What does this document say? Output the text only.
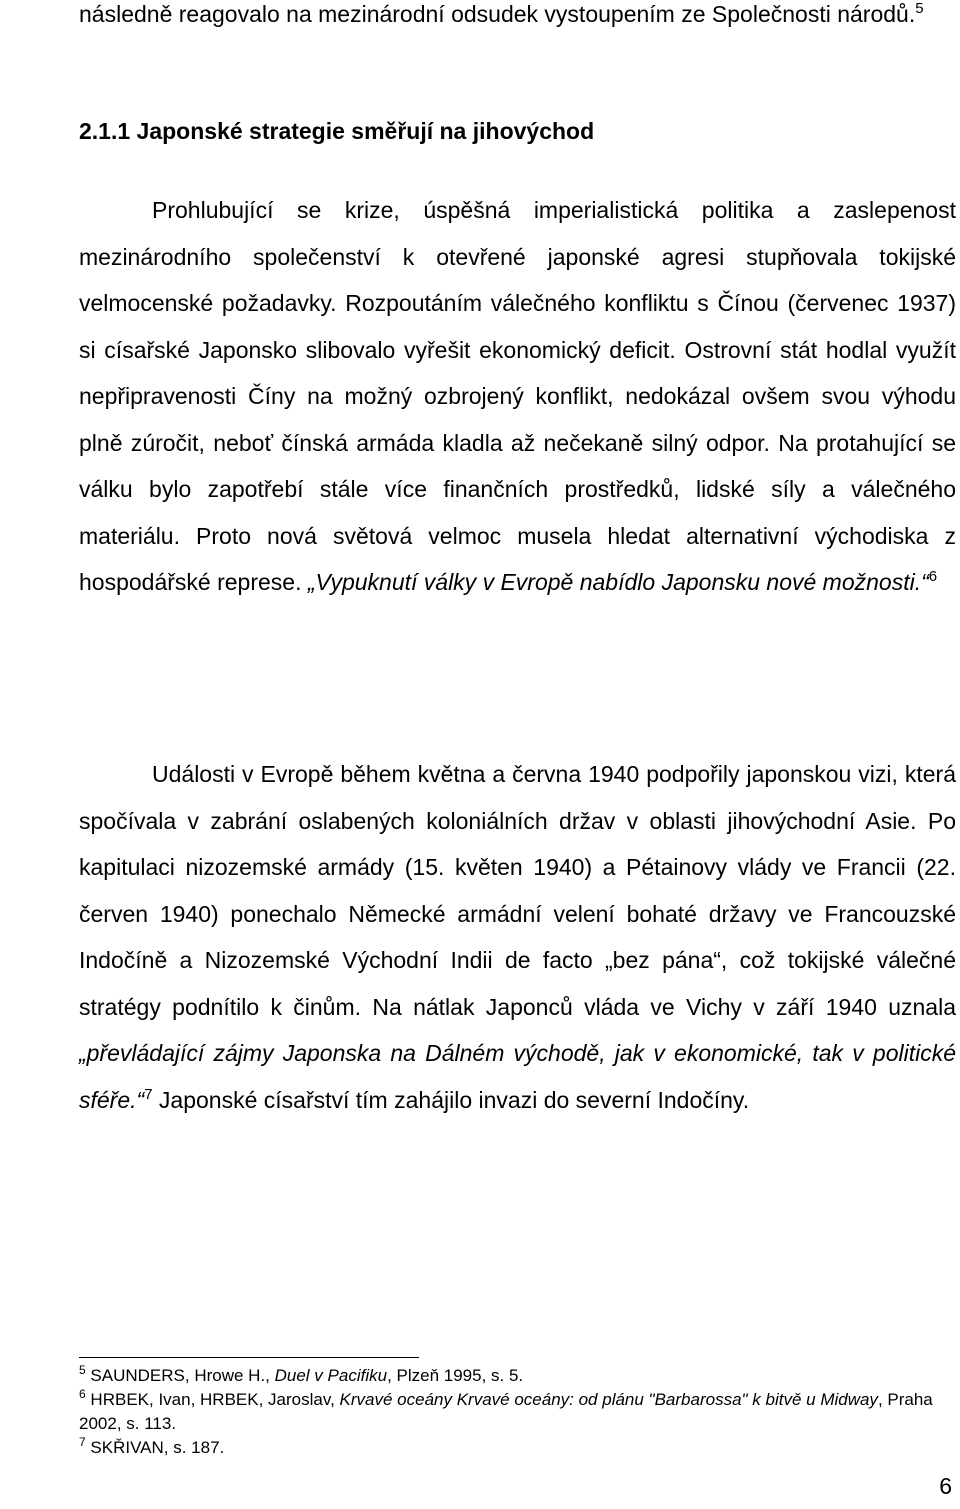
následně reagovalo na mezinárodní odsudek vystoupením ze Společnosti národů.$^5$

2.1.1 Japonské strategie směřují na jihovýchod

Prohlubující se krize, úspěšná imperialistická politika a zaslepenost mezinárodního společenství k otevřené japonské agresi stupňovala tokijské velmocenské požadavky. Rozpoutáním válečného konfliktu s Čínou (červenec 1937) si císařské Japonsko slibovalo vyřešit ekonomický deficit. Ostrovní stát hodlal využít nepřipravenosti Číny na možný ozbrojený konflikt, nedokázal ovšem svou výhodu plně zúročit, neboť čínská armáda kladla až nečekaně silný odpor. Na protahující se válku bylo zapotřebí stále více finančních prostředků, lidské síly a válečného materiálu. Proto nová světová velmoc musela hledat alternativní východiska z hospodářské represe. „Vypuknutí války v Evropě nabídlo Japonsku nové možnosti.“$^6$

Události v Evropě během května a června 1940 podpořily japonskou vizi, která spočívala v zabrání oslabených koloniálních držav v oblasti jihovýchodní Asie. Po kapitulaci nizozemské armády (15. květen 1940) a Pétainovy vlády ve Francii (22. červen 1940) ponechalo Německé armádní velení bohaté državy ve Francouzské Indočíně a Nizozemské Východní Indii de facto „bez pána“, což tokijské válečné stratégy podnítilo k činům. Na nátlak Japonců vláda ve Vichy v září 1940 uznala „převládající zájmy Japonska na Dálném východě, jak v ekonomické, tak v politické sféře.“$^7$ Japonské císařství tím zahájilo invazi do severní Indočíny.

$^5$ SAUNDERS, Hrowe H., Duel v Pacifiku, Plzeň 1995, s. 5.

$^6$ HRBEK, Ivan, HRBEK, Jaroslav, Krvavé oceány Krvavé oceány: od plánu "Barbarossa" k bitvě u Midway, Praha 2002, s. 113.

$^7$ SKŘIVAN, s. 187.

6
